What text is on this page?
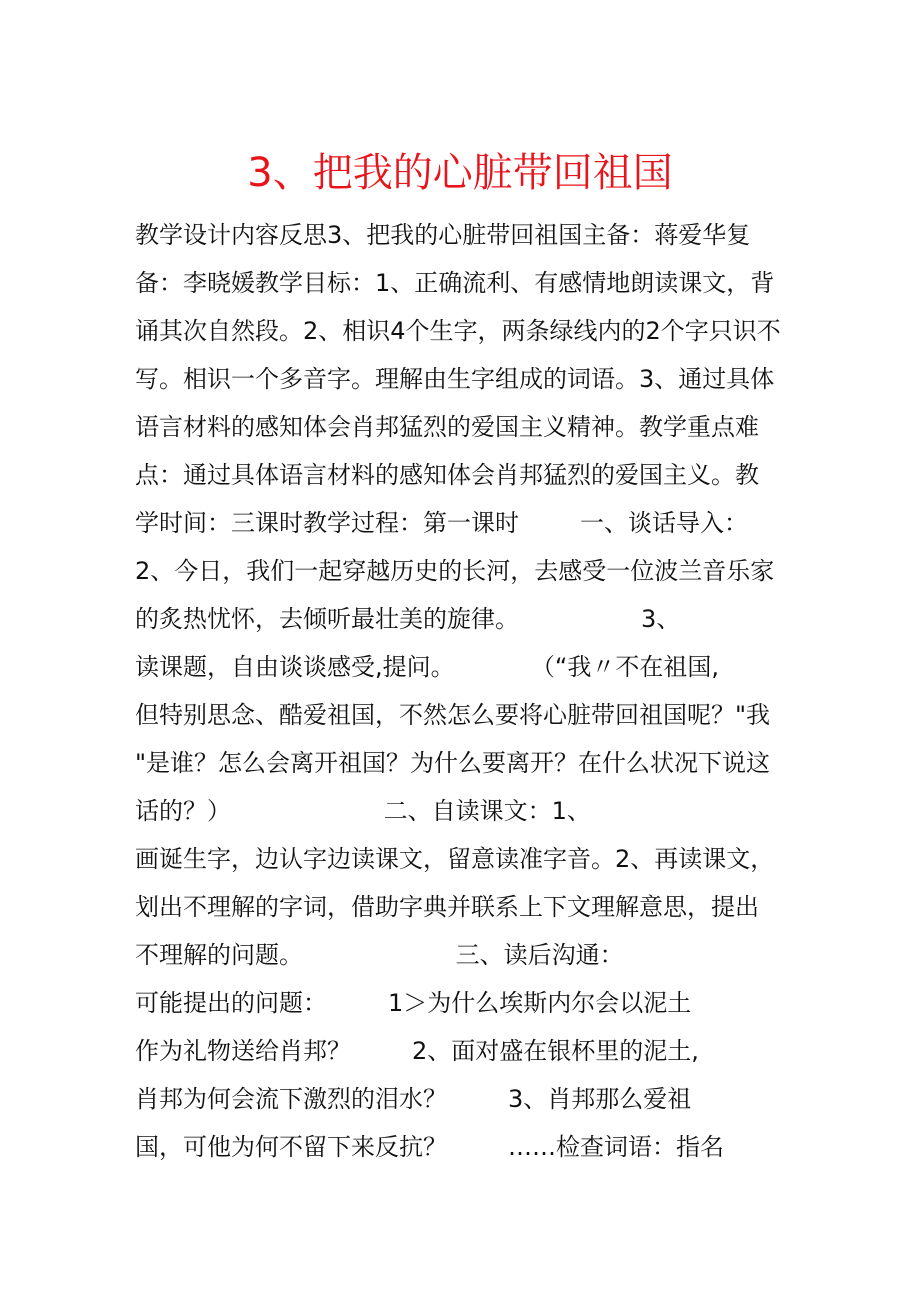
3、把我的心脏带回祖国
教学设计内容反思3、把我的心脏带回祖国主备：蒋爱华复
备：李晓媛教学目标：1、正确流利、有感情地朗读课文，背
诵其次自然段。2、相识4个生字，两条绿线内的2个字只识不
写。相识一个多音字。理解由生字组成的词语。3、通过具体
语言材料的感知体会肖邦猛烈的爱国主义精神。教学重点难
点：通过具体语言材料的感知体会肖邦猛烈的爱国主义。教
学时间：三课时教学过程：第一课时        一、谈话导入：
2、今日，我们一起穿越历史的长河，去感受一位波兰音乐家
的炙热忧怀，去倾听最壮美的旋律。                3、
读课题，自由谈谈感受,提问。          （“我〃不在祖国,
但特别思念、酷爱祖国，不然怎么要将心脏带回祖国呢？"我
"是谁？怎么会离开祖国？为什么要离开？在什么状况下说这
话的？）                    二、自读课文：1、
画诞生字，边认字边读课文，留意读准字音。2、再读课文，
划出不理解的字词，借助字典并联系上下文理解意思，提出
不理解的问题。                    三、读后沟通：
可能提出的问题：        1＞为什么埃斯内尔会以泥土
作为礼物送给肖邦？        2、面对盛在银杯里的泥土,
肖邦为何会流下激烈的泪水？        3、肖邦那么爱祖
国，可他为何不留下来反抗？        ……检查词语：指名
